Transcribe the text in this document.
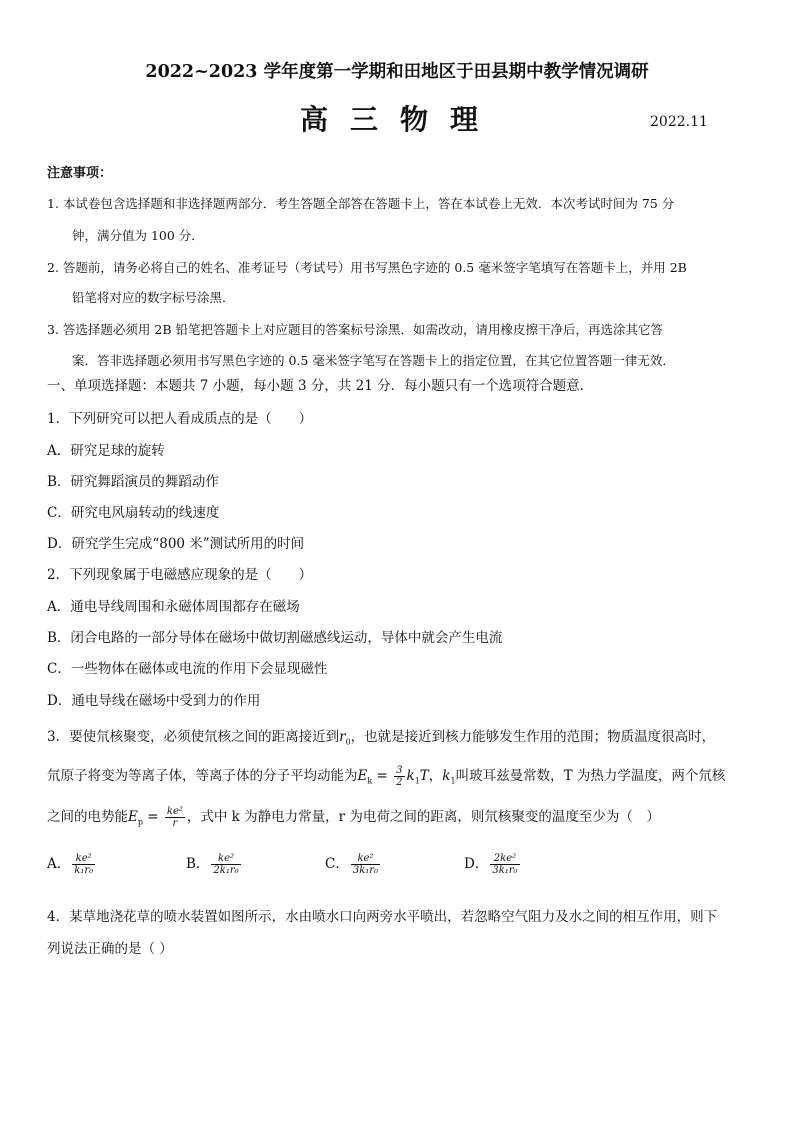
2022~2023 学年度第一学期和田地区于田县期中教学情况调研
高三物理	2022.11
注意事项：
1. 本试卷包含选择题和非选择题两部分．考生答题全部答在答题卡上，答在本试卷上无效．本次考试时间为 75 分
钟，满分值为 100 分．
2. 答题前，请务必将自己的姓名、准考证号（考试号）用书写黑色字迹的 0.5 毫米签字笔填写在答题卡上，并用 2B
铅笔将对应的数字标号涂黑．
3. 答选择题必须用 2B 铅笔把答题卡上对应题目的答案标号涂黑．如需改动，请用橡皮擦干净后，再选涂其它答
案．答非选择题必须用书写黑色字迹的 0.5 毫米签字笔写在答题卡上的指定位置，在其它位置答题一律无效．
一、单项选择题：本题共 7 小题，每小题 3 分，共 21 分．每小题只有一个选项符合题意．
1．下列研究可以把人看成质点的是（　　）
A．研究足球的旋转
B．研究舞蹈演员的舞蹈动作
C．研究电风扇转动的线速度
D．研究学生完成“800 米”测试所用的时间
2．下列现象属于电磁感应现象的是（　　）
A．通电导线周围和永磁体周围都存在磁场
B．闭合电路的一部分导体在磁场中做切割磁感线运动，导体中就会产生电流
C．一些物体在磁体或电流的作用下会显现磁性
D．通电导线在磁场中受到力的作用
3．要使氘核聚变，必须使氘核之间的距离接近到$r_0$，也就是接近到核力能够发生作用的范围；物质温度很高时，
氘原子将变为等离子体，等离子体的分子平均动能为$E_k = \frac{3}{2} k_1T$，$k_1$叫玻耳兹曼常数，T 为热力学温度，两个氘核
之间的电势能$E_p = \frac{\text{ke²}}{r}$ ，式中 k 为静电力常量，r 为电荷之间的距离，则氘核聚变的温度至少为（　）
A． $\frac{\text{ke²}}{\text{k₁r₀}}$	B． $\frac{\text{ke²}}{\text{2k₁r₀}}$	C． $\frac{\text{ke²}}{\text{3k₁r₀}}$	D． $\frac{\text{2ke²}}{\text{3k₁r₀}}$
4．某草地浇花草的喷水装置如图所示，水由喷水口向两旁水平喷出，若忽略空气阻力及水之间的相互作用，则下
列说法正确的是（ ）
